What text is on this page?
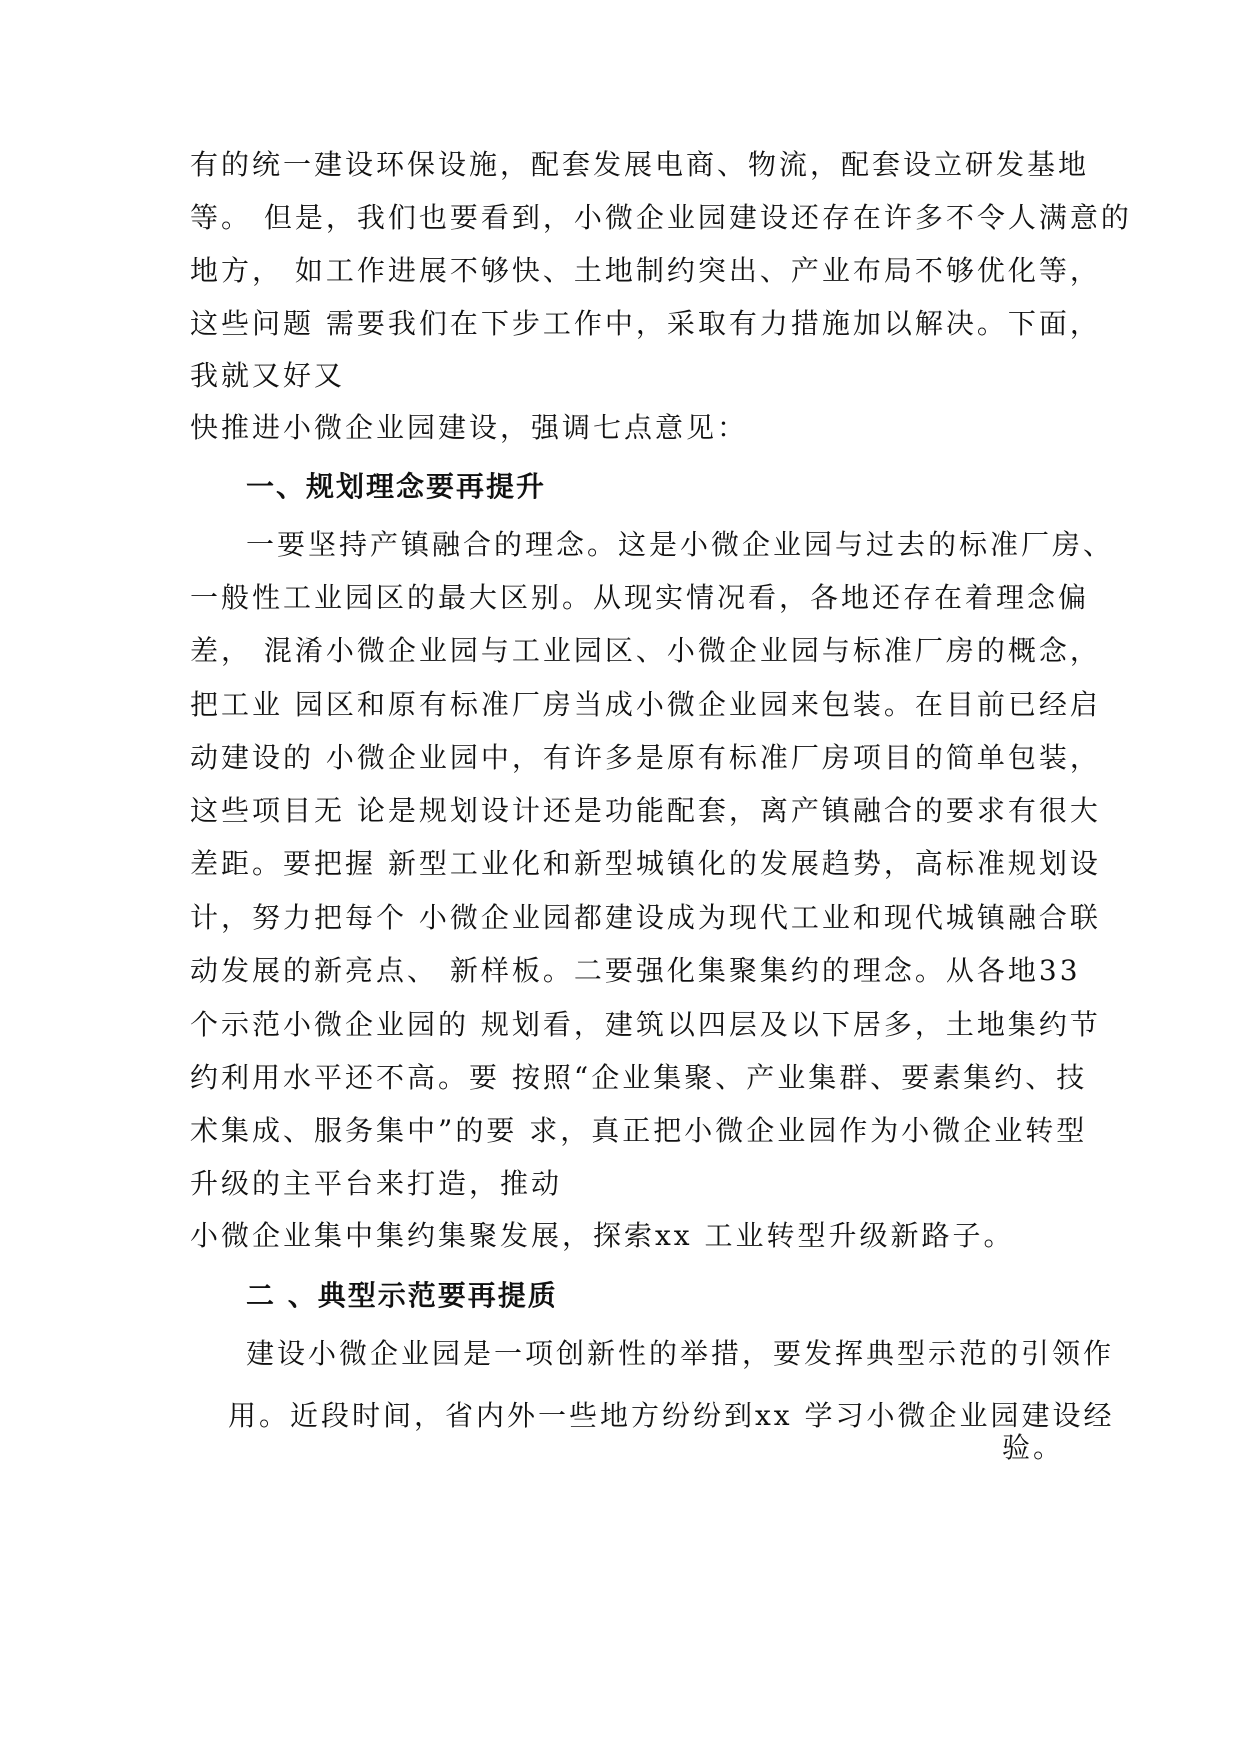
有的统一建设环保设施，配套发展电商、物流，配套设立研发基地

等。 但是，我们也要看到，小微企业园建设还存在许多不令人满意的

地方， 如工作进展不够快、土地制约突出、产业布局不够优化等，

这些问题 需要我们在下步工作中，采取有力措施加以解决。下面，

我就又好又

快推进小微企业园建设，强调七点意见：

一、规划理念要再提升

一要坚持产镇融合的理念。这是小微企业园与过去的标准厂房、

一般性工业园区的最大区别。从现实情况看，各地还存在着理念偏

差， 混淆小微企业园与工业园区、小微企业园与标准厂房的概念，

把工业 园区和原有标准厂房当成小微企业园来包装。在目前已经启

动建设的 小微企业园中，有许多是原有标准厂房项目的简单包装，

这些项目无 论是规划设计还是功能配套，离产镇融合的要求有很大

差距。要把握 新型工业化和新型城镇化的发展趋势，高标准规划设

计，努力把每个 小微企业园都建设成为现代工业和现代城镇融合联

动发展的新亮点、 新样板。二要强化集聚集约的理念。从各地33

个示范小微企业园的 规划看，建筑以四层及以下居多，土地集约节

约利用水平还不高。要 按照“企业集聚、产业集群、要素集约、技

术集成、服务集中”的要 求，真正把小微企业园作为小微企业转型

升级的主平台来打造，推动

小微企业集中集约集聚发展，探索xx 工业转型升级新路子。

二 、典型示范要再提质

建设小微企业园是一项创新性的举措，要发挥典型示范的引领作

用。近段时间，省内外一些地方纷纷到xx 学习小微企业园建设经

验。
